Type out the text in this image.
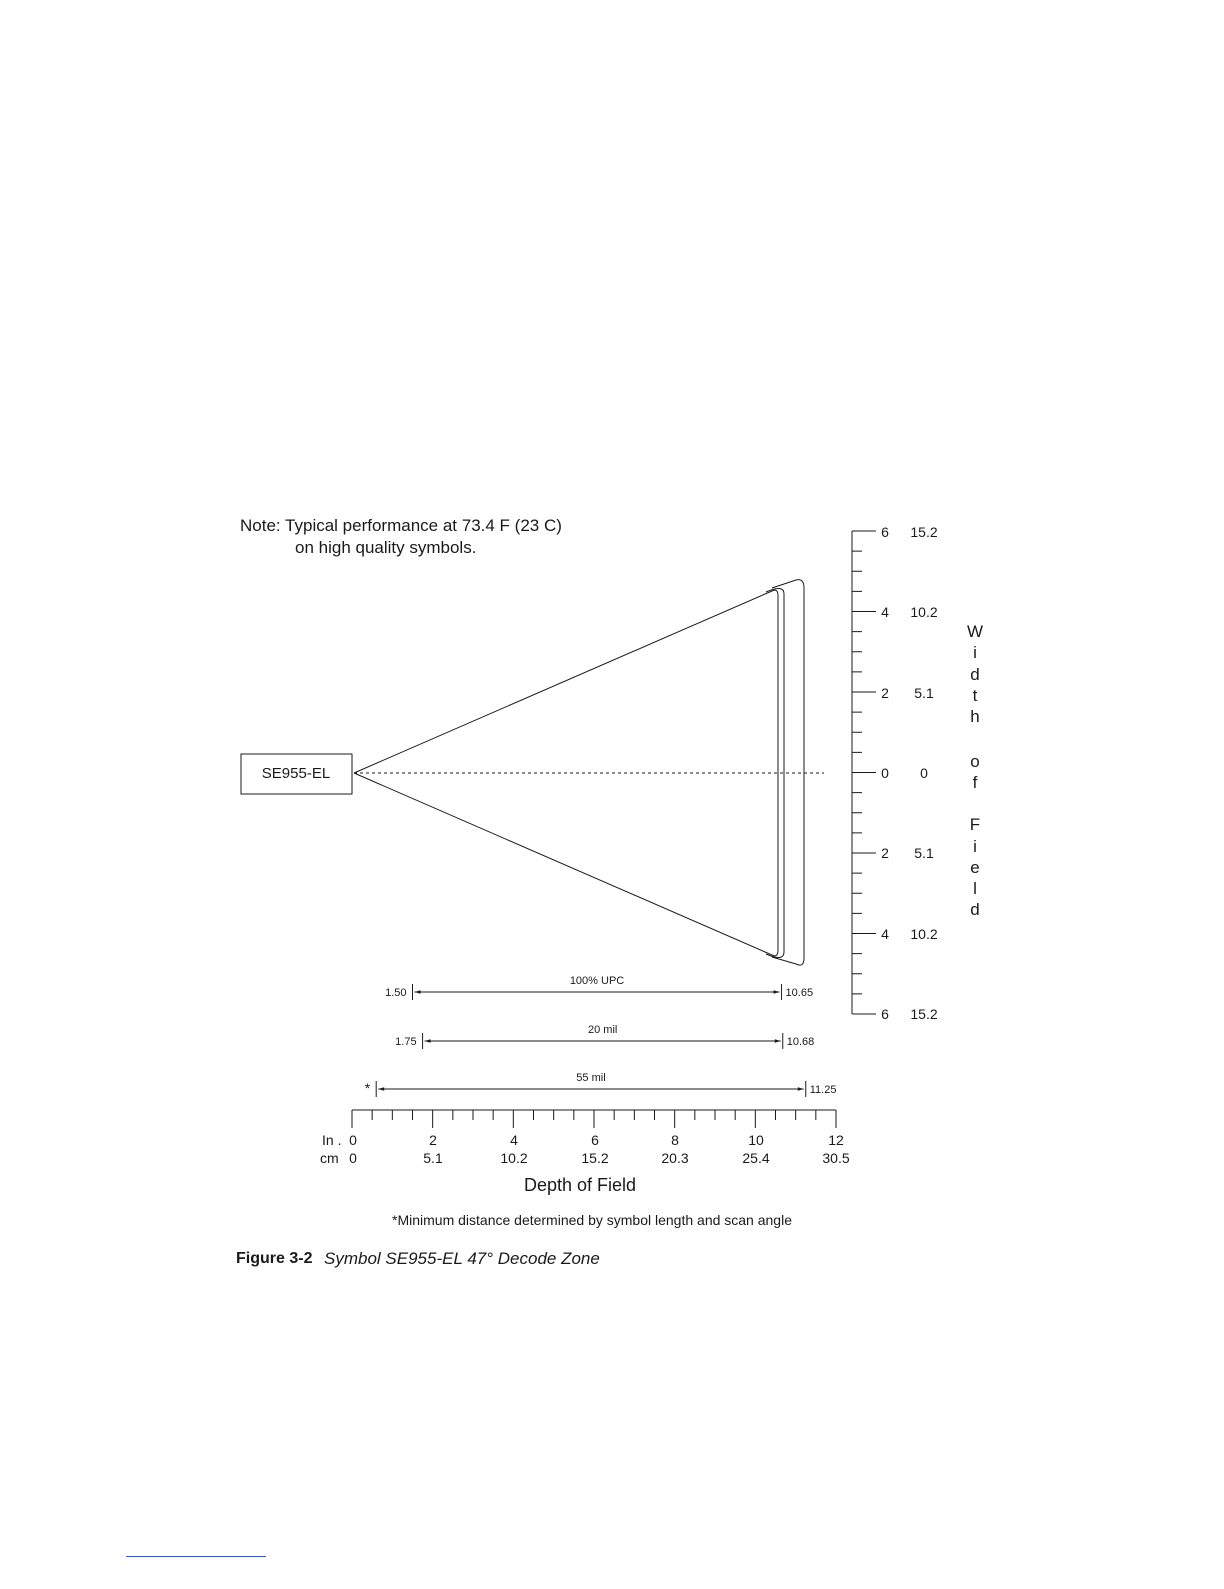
Note: Typical performance at 73.4 F (23 C)
on high quality symbols.
SE955-EL
6
4
2
0
2
4
6
15.2
10.2
5.1
0
5.1
10.2
15.2
W
i
d
t
h
o
f
F
i
e
l
d
100% UPC
1.50	10.65
20 mil
1.75	10.68
55 mil
*	11.25
In .
cm
0	2	4	6	8	10	12
0	5.1	10.2	15.2	20.3	25.4	30.5
Depth of Field
*Minimum distance determined by symbol length and scan angle
Figure 3-2 Symbol SE955-EL 47° Decode Zone
